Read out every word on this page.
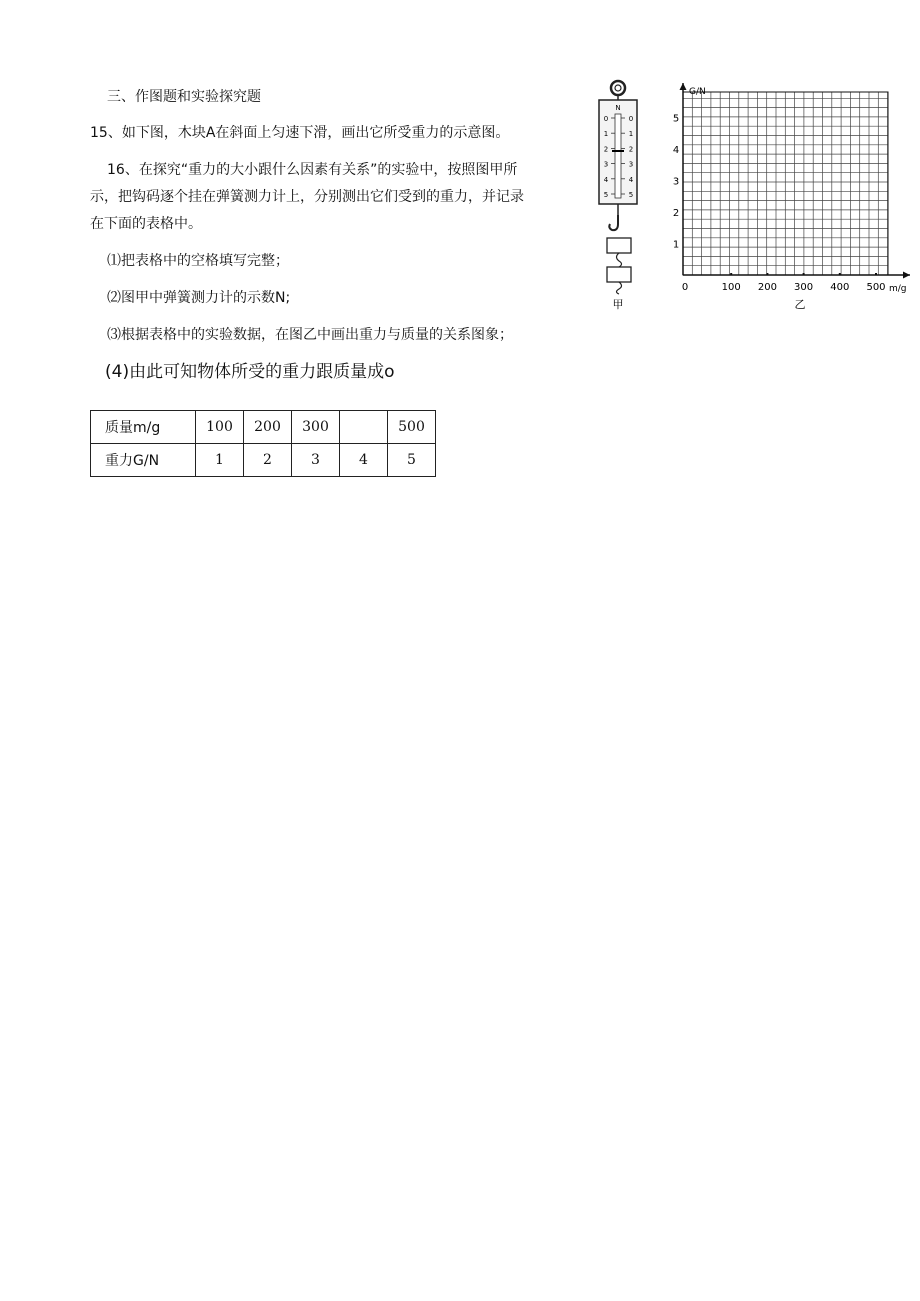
三、作图题和实验探究题
15、如下图，木块A在斜面上匀速下滑，画出它所受重力的示意图。
16、在探究“重力的大小跟什么因素有关系”的实验中，按照图甲所
示，把钩码逐个挂在弹簧测力计上，分别测出它们受到的重力，并记录
在下面的表格中。
⑴把表格中的空格填写完整；
⑵图甲中弹簧测力计的示数N;
⑶根据表格中的实验数据，在图乙中画出重力与质量的关系图象；
(4)由此可知物体所受的重力跟质量成o
质量m/g	100	200	300		500
重力G/N	1	2	3	4	5
N
0	0
1	1
2	2
3	3
4	4
5	5
甲
G/N
m/g
0	100 200 300 400 500
1
2
3
4
5
乙
